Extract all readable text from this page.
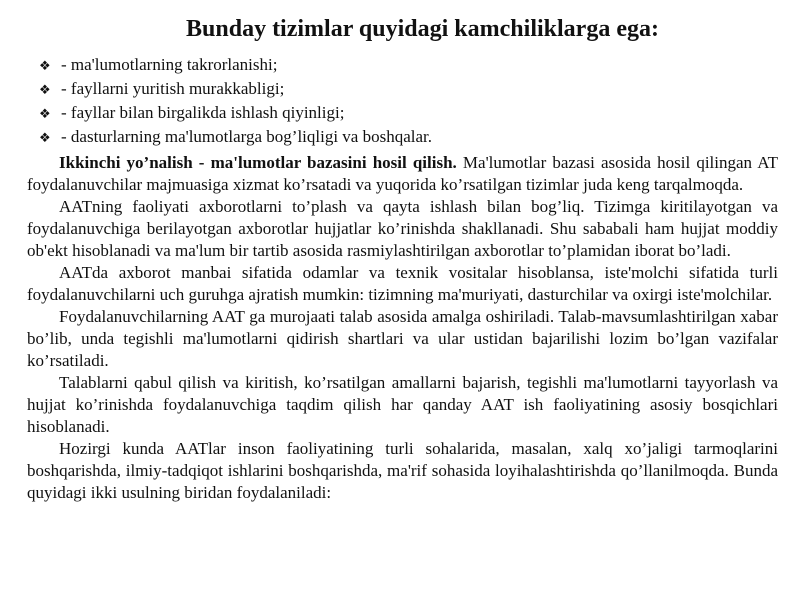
Bunday tizimlar quyidagi kamchiliklarga ega:
❖ - ma'lumotlarning takrorlanishi;
❖ - fayllarni yuritish murakkabligi;
❖ - fayllar bilan birgalikda ishlash qiyinligi;
❖ - dasturlarning ma'lumotlarga bog’liqligi va boshqalar.

Ikkinchi yo’nalish - ma'lumotlar bazasini hosil qilish. Ma'lumotlar bazasi asosida hosil qilingan AT foydalanuvchilar majmuasiga xizmat ko’rsatadi va yuqorida ko’rsatilgan tizimlar juda keng tarqalmoqda.

AATning faoliyati axborotlarni to’plash va qayta ishlash bilan bog’liq. Tizimga kiritilayotgan va foydalanuvchiga berilayotgan axborotlar hujjatlar ko’rinishda shakllanadi. Shu sababali ham hujjat moddiy ob'ekt hisoblanadi va ma'lum bir tartib asosida rasmiylashtirilgan axborotlar to’plamidan iborat bo’ladi.

AATda axborot manbai sifatida odamlar va texnik vositalar hisoblansa, iste'molchi sifatida turli foydalanuvchilarni uch guruhga ajratish mumkin: tizimning ma'muriyati, dasturchilar va oxirgi iste'molchilar.

Foydalanuvchilarning AAT ga murojaati talab asosida amalga oshiriladi. Talab-mavsumlashtirilgan xabar bo’lib, unda tegishli ma'lumotlarni qidirish shartlari va ular ustidan bajarilishi lozim bo’lgan vazifalar ko’rsatiladi.

Talablarni qabul qilish va kiritish, ko’rsatilgan amallarni bajarish, tegishli ma'lumotlarni tayyorlash va hujjat ko’rinishda foydalanuvchiga taqdim qilish har qanday AAT ish faoliyatining asosiy bosqichlari hisoblanadi.

Hozirgi kunda AATlar inson faoliyatining turli sohalarida, masalan, xalq xo’jaligi tarmoqlarini boshqarishda, ilmiy-tadqiqot ishlarini boshqarishda, ma'rif sohasida loyihalashtirishda qo’llanilmoqda. Bunda quyidagi ikki usulning biridan foydalaniladi:
